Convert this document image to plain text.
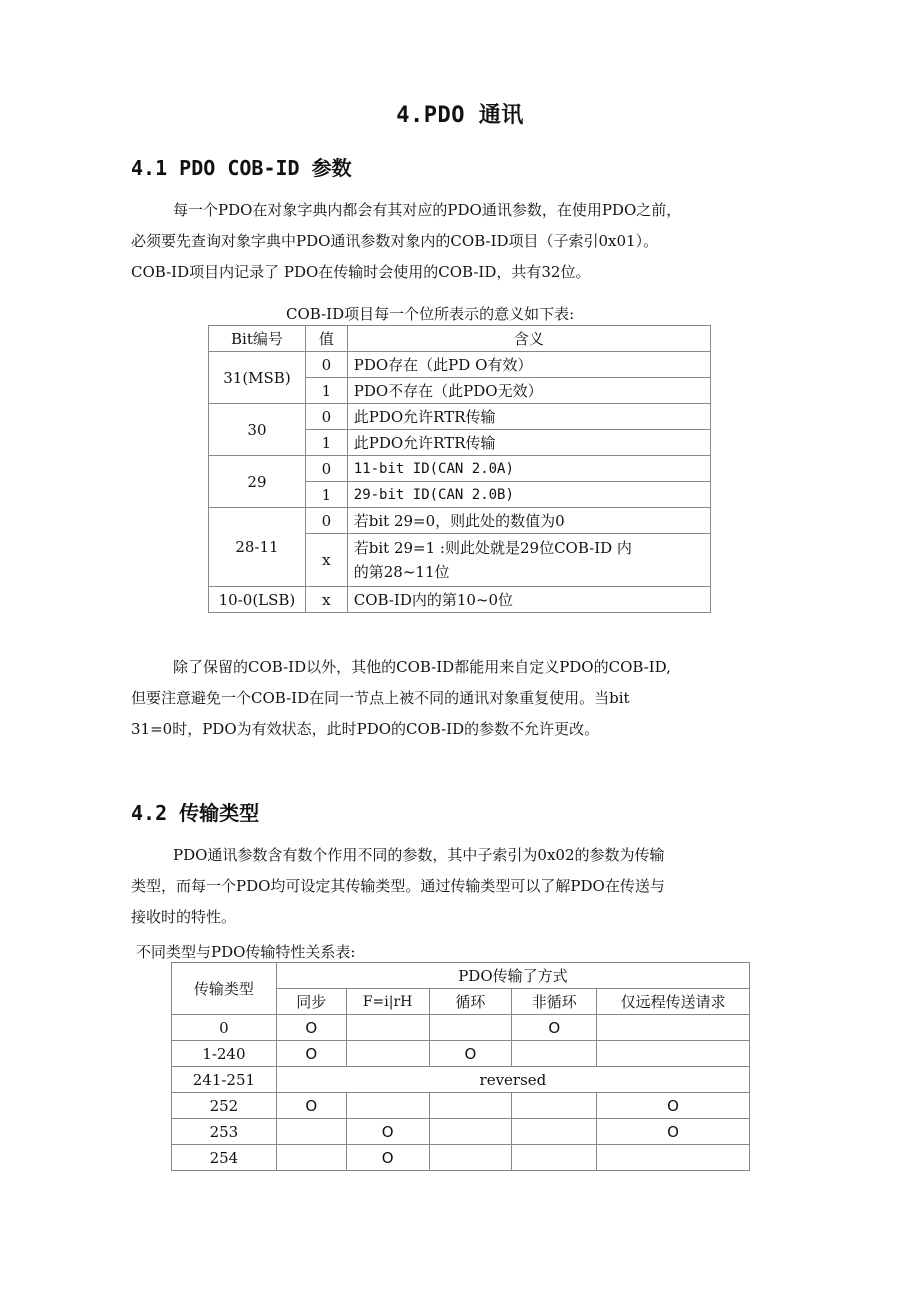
4.PDO 通讯
4.1 PDO COB-ID 参数
每一个PDO在对象字典内都会有其对应的PDO通讯参数，在使用PDO之前，
必须要先查询对象字典中PDO通讯参数对象内的COB-ID项目（子索引0x01）。
COB-ID项目内记录了 PDO在传输时会使用的COB-ID，共有32位。
COB-ID项目每一个位所表示的意义如下表:
Bit编号	值	含义
31(MSB)	0	PDO存在（此PD O有效）
	1	PDO不存在（此PDO无效）
30	0	此PDO允许RTR传输
	1	此PDO允许RTR传输
29	0	11-bit ID(CAN 2.0A)
	1	29-bit ID(CAN 2.0B)
28-11	0	若bit 29=0，则此处的数值为0
	x	若bit 29=1 :则此处就是29位COB-ID 内
的第28~11位

10-0(LSB)	x	COB-ID内的第10~0位
除了保留的COB-ID以外，其他的COB-ID都能用来自定义PDO的COB-ID,
但要注意避免一个COB-ID在同一节点上被不同的通讯对象重复使用。当bit
31=0时，PDO为有效状态，此时PDO的COB-ID的参数不允许更改。
4.2 传输类型
PDO通讯参数含有数个作用不同的参数，其中子索引为0x02的参数为传输
类型，而每一个PDO均可设定其传输类型。通过传输类型可以了解PDO在传送与
接收时的特性。
不同类型与PDO传输特性关系表:
传输类型	PDO传输了方式				
	同步	F=i|rH	循环	非循环	仅远程传送请求
0	O			O	
1-240	O		O		
241-251	reversed				
252	O				O
253		O			O
254		O			
